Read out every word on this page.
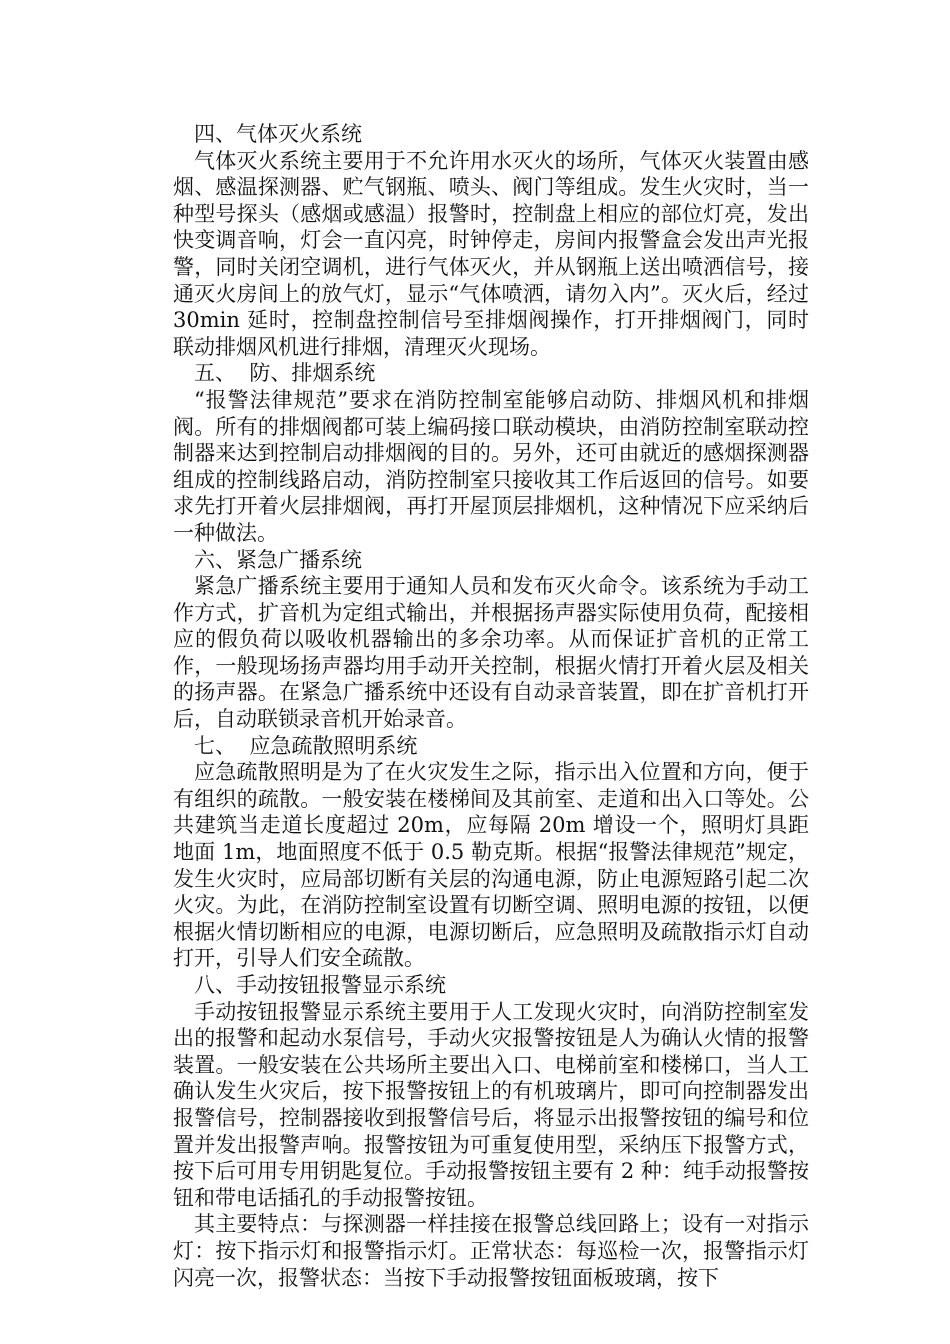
四、气体灭火系统

气体灭火系统主要用于不允许用水灭火的场所，气体灭火装置由感烟、感温探测器、贮气钢瓶、喷头、阀门等组成。发生火灾时，当一种型号探头（感烟或感温）报警时，控制盘上相应的部位灯亮，发出快变调音响，灯会一直闪亮，时钟停走，房间内报警盒会发出声光报警，同时关闭空调机，进行气体灭火，并从钢瓶上送出喷洒信号，接通灭火房间上的放气灯，显示“气体喷洒，请勿入内”。灭火后，经过 30min 延时，控制盘控制信号至排烟阀操作，打开排烟阀门，同时联动排烟风机进行排烟，清理灭火现场。

五、  防、排烟系统

“报警法律规范”要求在消防控制室能够启动防、排烟风机和排烟阀。所有的排烟阀都可装上编码接口联动模块，由消防控制室联动控制器来达到控制启动排烟阀的目的。另外，还可由就近的感烟探测器组成的控制线路启动，消防控制室只接收其工作后返回的信号。如要求先打开着火层排烟阀，再打开屋顶层排烟机，这种情况下应采纳后一种做法。

六、紧急广播系统

紧急广播系统主要用于通知人员和发布灭火命令。该系统为手动工作方式，扩音机为定组式输出，并根据扬声器实际使用负荷，配接相应的假负荷以吸收机器输出的多余功率。从而保证扩音机的正常工作，一般现场扬声器均用手动开关控制，根据火情打开着火层及相关的扬声器。在紧急广播系统中还设有自动录音装置，即在扩音机打开后，自动联锁录音机开始录音。

七、  应急疏散照明系统

应急疏散照明是为了在火灾发生之际，指示出入位置和方向，便于有组织的疏散。一般安装在楼梯间及其前室、走道和出入口等处。公共建筑当走道长度超过 20m，应每隔 20m 增设一个，照明灯具距地面 1m，地面照度不低于 0.5 勒克斯。根据“报警法律规范”规定，发生火灾时，应局部切断有关层的沟通电源，防止电源短路引起二次火灾。为此，在消防控制室设置有切断空调、照明电源的按钮，以便根据火情切断相应的电源，电源切断后，应急照明及疏散指示灯自动打开，引导人们安全疏散。

八、手动按钮报警显示系统

手动按钮报警显示系统主要用于人工发现火灾时，向消防控制室发出的报警和起动水泵信号，手动火灾报警按钮是人为确认火情的报警装置。一般安装在公共场所主要出入口、电梯前室和楼梯口，当人工确认发生火灾后，按下报警按钮上的有机玻璃片，即可向控制器发出报警信号，控制器接收到报警信号后，将显示出报警按钮的编号和位置并发出报警声响。报警按钮为可重复使用型，采纳压下报警方式，按下后可用专用钥匙复位。手动报警按钮主要有 2 种：纯手动报警按钮和带电话插孔的手动报警按钮。

其主要特点：与探测器一样挂接在报警总线回路上；设有一对指示灯：按下指示灯和报警指示灯。正常状态：每巡检一次，报警指示灯闪亮一次，报警状态：当按下手动报警按钮面板玻璃，按下
